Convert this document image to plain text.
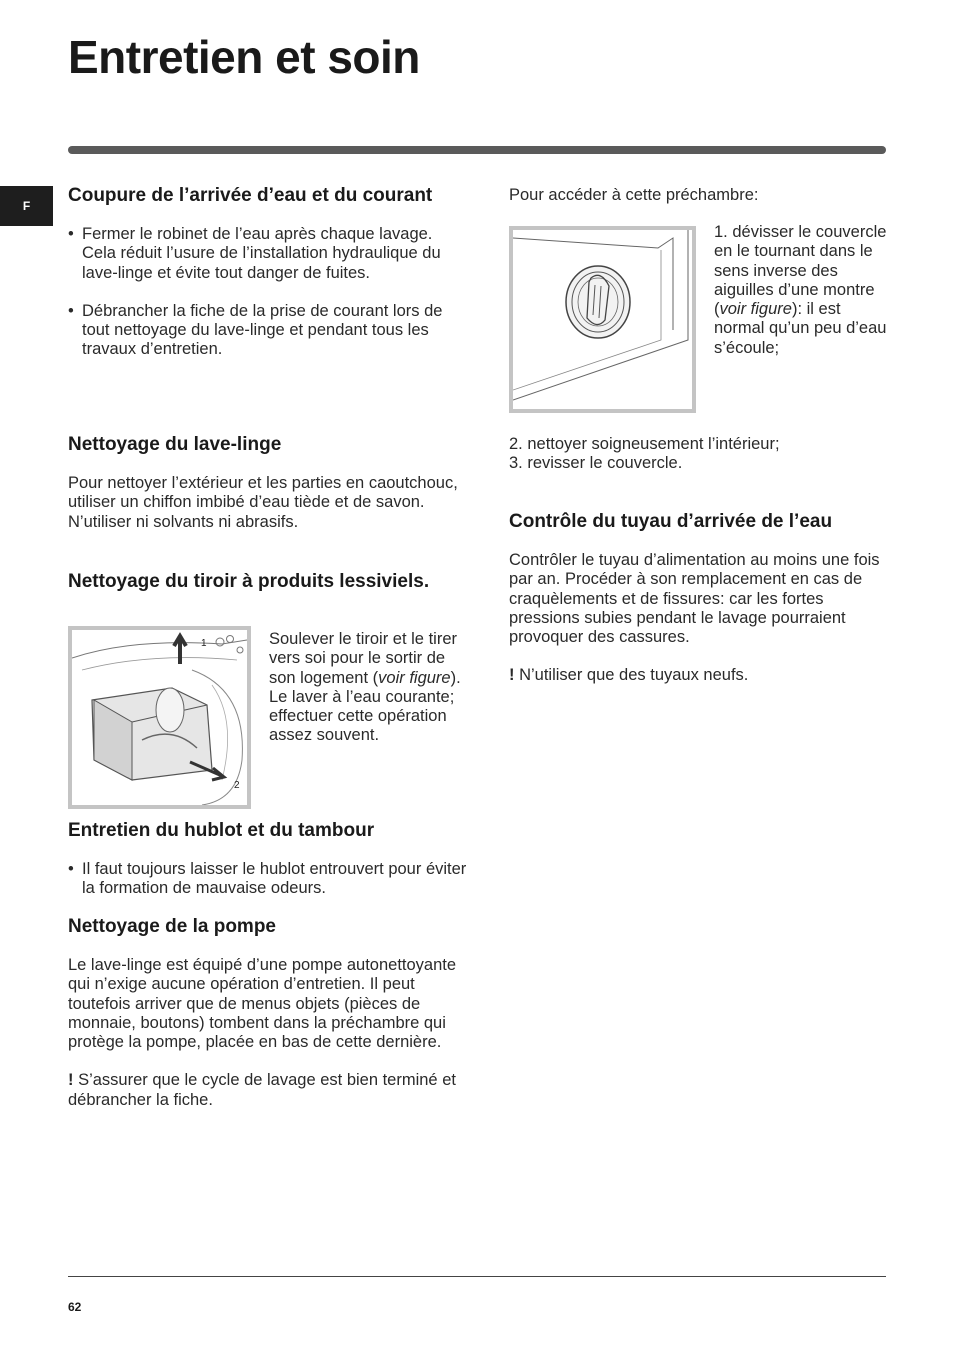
Entretien et soin
F	Coupure de l’arrivée d’eau et du courant
• Fermer le robinet de l’eau après chaque lavage. Cela réduit l’usure de l’installation hydraulique du lave-linge et évite tout danger de fuites.
• Débrancher la fiche de la prise de courant lors de tout nettoyage du lave-linge et pendant tous les travaux d’entretien.
Nettoyage du lave-linge

Pour nettoyer l’extérieur et les parties en caoutchouc, utiliser un chiffon imbibé d’eau tiède et de savon. N’utiliser ni solvants ni abrasifs.

Nettoyage du tiroir à produits lessiviels.
1
2

Soulever le tiroir et le tirer vers soi pour le sortir de son logement (voir figure).

Le laver à l’eau courante; effectuer cette opération assez souvent.

Entretien du hublot et du tambour
• Il faut toujours laisser le hublot entrouvert pour éviter la formation de mauvaise odeurs.
Nettoyage de la pompe

Le lave-linge est équipé d’une pompe autonettoyante qui n’exige aucune opération d’entretien. Il peut toutefois arriver que de menus objets (pièces de monnaie, boutons) tombent dans la préchambre qui protège la pompe, placée en bas de cette dernière.

! S’assurer que le cycle de lavage est bien terminé et débrancher la fiche.

Pour accéder à cette préchambre:

1. dévisser le couvercle en le tournant dans le sens inverse des aiguilles d’une montre (voir figure): il est normal qu’un peu d’eau s’écoule;

2. nettoyer soigneusement l’intérieur;

3. revisser le couvercle.

Contrôle du tuyau d’arrivée de l’eau

Contrôler le tuyau d’alimentation au moins une fois par an. Procéder à son remplacement en cas de craquèlements et de fissures: car les fortes pressions subies pendant le lavage pourraient provoquer des cassures.

! N’utiliser que des tuyaux neufs.

62
